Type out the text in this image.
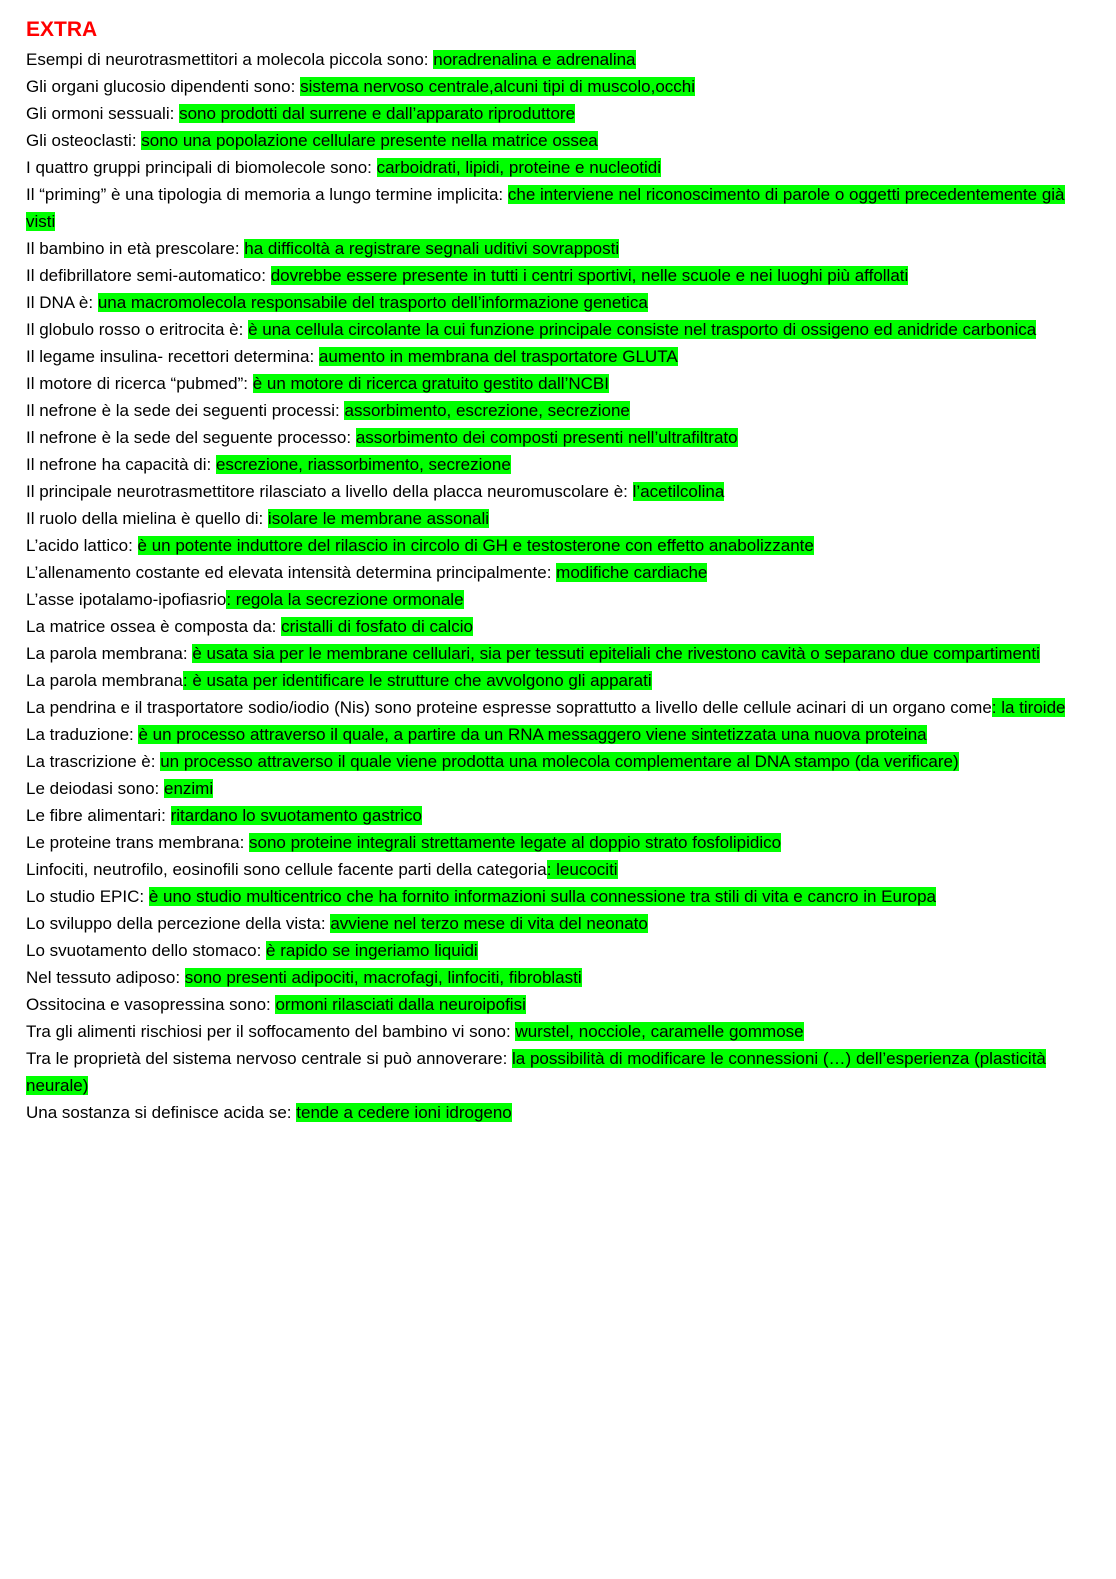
EXTRA

Esempi di neurotrasmettitori a molecola piccola sono: noradrenalina e adrenalina

Gli organi glucosio dipendenti sono: sistema nervoso centrale,alcuni tipi di muscolo,occhi

Gli ormoni sessuali: sono prodotti dal surrene e dall’apparato riproduttore

Gli osteoclasti: sono una popolazione cellulare presente nella matrice ossea

I quattro gruppi principali di biomolecole sono: carboidrati, lipidi, proteine e nucleotidi

Il “priming” è una tipologia di memoria a lungo termine implicita: che interviene nel riconoscimento di parole o oggetti precedentemente già visti

Il bambino in età prescolare: ha difficoltà a registrare segnali uditivi sovrapposti

Il defibrillatore semi-automatico: dovrebbe essere presente in tutti i centri sportivi, nelle scuole e nei luoghi più affollati

Il DNA è: una macromolecola responsabile del trasporto dell’informazione genetica

Il globulo rosso o eritrocita è: è una cellula circolante la cui funzione principale consiste nel trasporto di ossigeno ed anidride carbonica

Il legame insulina- recettori determina: aumento in membrana del trasportatore GLUTA

Il motore di ricerca “pubmed”: è un motore di ricerca gratuito gestito dall’NCBI

Il nefrone è la sede dei seguenti processi: assorbimento, escrezione, secrezione

Il nefrone è la sede del seguente processo: assorbimento dei composti presenti nell’ultrafiltrato

Il nefrone ha capacità di: escrezione, riassorbimento, secrezione

Il principale neurotrasmettitore rilasciato a livello della placca neuromuscolare è: l’acetilcolina

Il ruolo della mielina è quello di: isolare le membrane assonali

L’acido lattico: è un potente induttore del rilascio in circolo di GH e testosterone con effetto anabolizzante

L’allenamento costante ed elevata intensità determina principalmente: modifiche cardiache

L’asse ipotalamo-ipofiasrio: regola la secrezione ormonale

La matrice ossea è composta da: cristalli di fosfato di calcio

La parola membrana: è usata sia per le membrane cellulari, sia per tessuti epiteliali che rivestono cavità o separano due compartimenti

La parola membrana: è usata per identificare le strutture che avvolgono gli apparati

La pendrina e il trasportatore sodio/iodio (Nis) sono proteine espresse soprattutto a livello delle cellule acinari di un organo come: la tiroide

La traduzione: è un processo attraverso il quale, a partire da un RNA messaggero viene sintetizzata una nuova proteina

La trascrizione è: un processo attraverso il quale viene prodotta una molecola complementare al DNA stampo (da verificare)

Le deiodasi sono: enzimi

Le fibre alimentari: ritardano lo svuotamento gastrico

Le proteine trans membrana: sono proteine integrali strettamente legate al doppio strato fosfolipidico

Linfociti, neutrofilo, eosinofili sono cellule facente parti della categoria: leucociti

Lo studio EPIC: è uno studio multicentrico che ha fornito informazioni sulla connessione tra stili di vita e cancro in Europa

Lo sviluppo della percezione della vista: avviene nel terzo mese di vita del neonato

Lo svuotamento dello stomaco: è rapido se ingeriamo liquidi

Nel tessuto adiposo: sono presenti adipociti, macrofagi, linfociti, fibroblasti

Ossitocina e vasopressina sono: ormoni rilasciati dalla neuroipofisi

Tra gli alimenti rischiosi per il soffocamento del bambino vi sono: wurstel, nocciole, caramelle gommose

Tra le proprietà del sistema nervoso centrale si può annoverare: la possibilità di modificare le connessioni (…) dell’esperienza (plasticità neurale)

Una sostanza si definisce acida se: tende a cedere ioni idrogeno
